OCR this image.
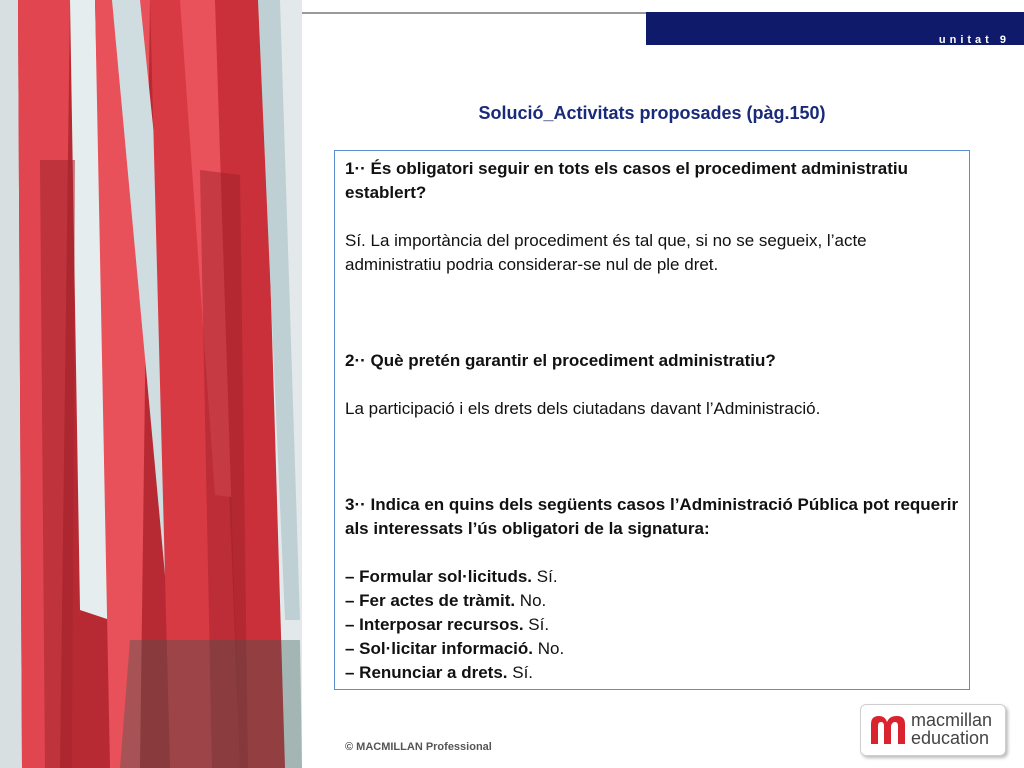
unitat 9
Solució_Activitats proposades (pàg.150)

1·· És obligatori seguir en tots els casos el procediment administratiu establert?

Sí. La importància del procediment és tal que, si no se segueix, l’acte administratiu podria considerar-se nul de ple dret.

2·· Què pretén garantir el procediment administratiu?

La participació i els drets dels ciutadans davant l’Administració.

3·· Indica en quins dels següents casos l’Administració Pública pot requerir als interessats l’ús obligatori de la signatura:

– Formular sol·licituds. Sí.

– Fer actes de tràmit. No.

– Interposar recursos. Sí.

– Sol·licitar informació. No.

– Renunciar a drets. Sí.

© MACMILLAN Professional
macmillan
education
